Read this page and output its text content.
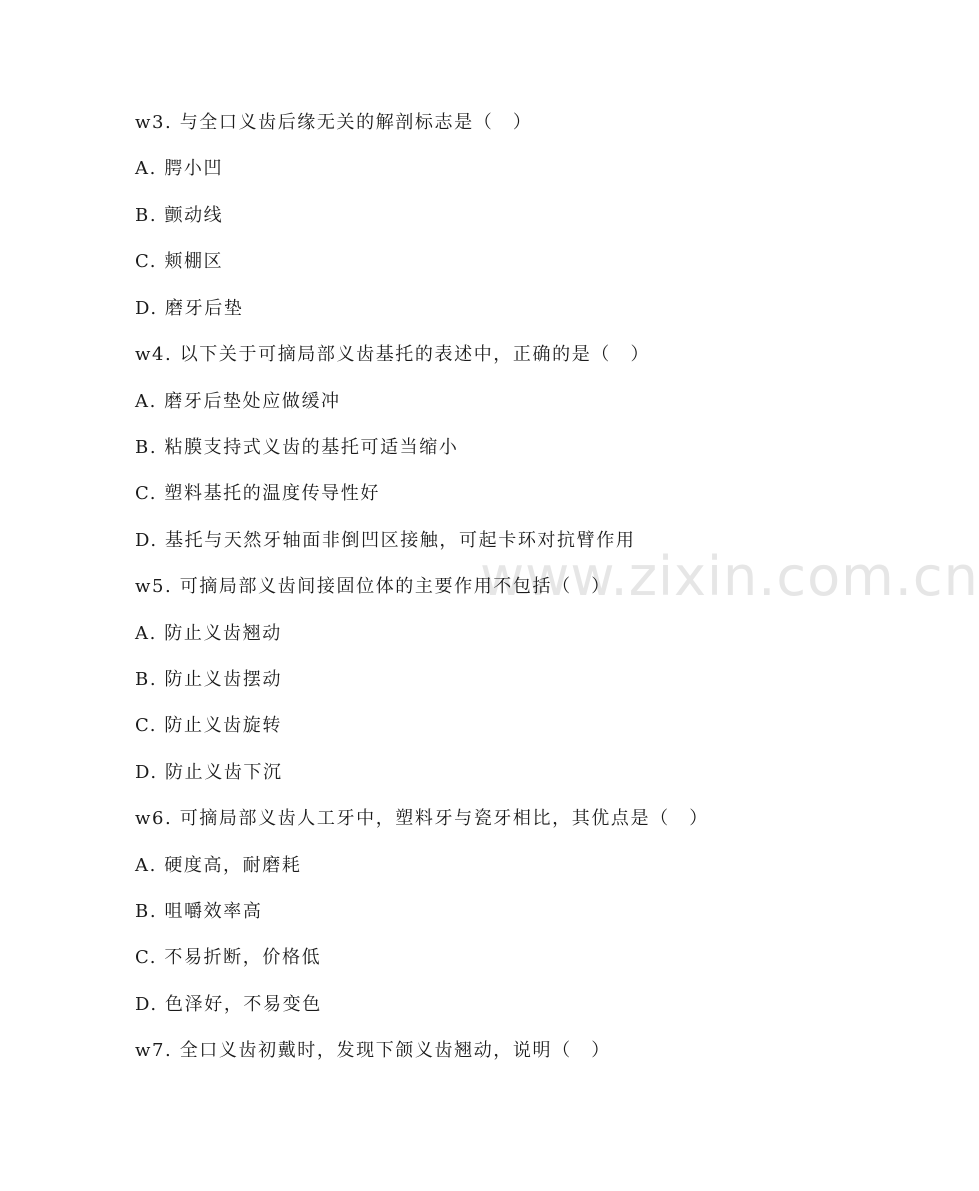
www.zixin.com.cn
w3. 与全口义齿后缘无关的解剖标志是（　）
A. 腭小凹
B. 颤动线
C. 颊棚区
D. 磨牙后垫
w4. 以下关于可摘局部义齿基托的表述中，正确的是（　）
A. 磨牙后垫处应做缓冲
B. 粘膜支持式义齿的基托可适当缩小
C. 塑料基托的温度传导性好
D. 基托与天然牙轴面非倒凹区接触，可起卡环对抗臂作用
w5. 可摘局部义齿间接固位体的主要作用不包括（　）
A. 防止义齿翘动
B. 防止义齿摆动
C. 防止义齿旋转
D. 防止义齿下沉
w6. 可摘局部义齿人工牙中，塑料牙与瓷牙相比，其优点是（　）
A. 硬度高，耐磨耗
B. 咀嚼效率高
C. 不易折断，价格低
D. 色泽好，不易变色
w7. 全口义齿初戴时，发现下颌义齿翘动，说明（　）
